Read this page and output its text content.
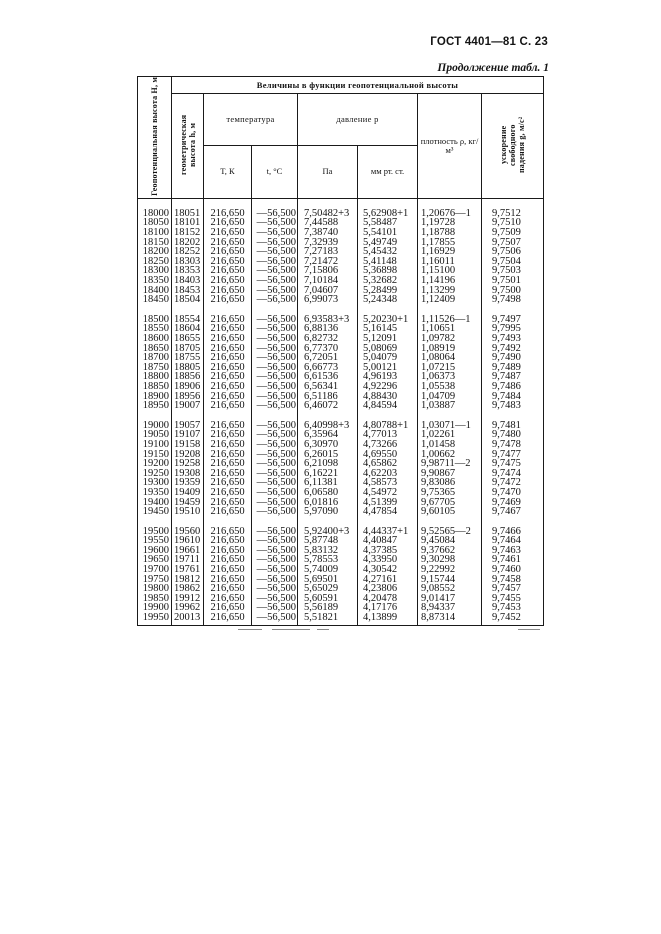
ГОСТ 4401—81 С. 23
Продолжение табл. 1
Геопотенциальная высота H, м	Величины в функции геопотенциальной высоты						
	геометрическая высота h, м	температура		давление p		плотность ρ, кг/м³	ускорение свободного падения g, м/с²
		T, К	t, °С	Па	мм рт. ст.		
18000	18051	216,650	—56,500	7,50482+3	5,62908+1	1,20676—1	9,7512
18050	18101	216,650	—56,500	7,44588	5,58487	1,19728	9,7510
18100	18152	216,650	—56,500	7,38740	5,54101	1,18788	9,7509
18150	18202	216,650	—56,500	7,32939	5,49749	1,17855	9,7507
18200	18252	216,650	—56,500	7,27183	5,45432	1,16929	9,7506
18250	18303	216,650	—56,500	7,21472	5,41148	1,16011	9,7504
18300	18353	216,650	—56,500	7,15806	5,36898	1,15100	9,7503
18350	18403	216,650	—56,500	7,10184	5,32682	1,14196	9,7501
18400	18453	216,650	—56,500	7,04607	5,28499	1,13299	9,7500
18450	18504	216,650	—56,500	6,99073	5,24348	1,12409	9,7498

18500	18554	216,650	—56,500	6,93583+3	5,20230+1	1,11526—1	9,7497
18550	18604	216,650	—56,500	6,88136	5,16145	1,10651	9,7995
18600	18655	216,650	—56,500	6,82732	5,12091	1,09782	9,7493
18650	18705	216,650	—56,500	6,77370	5,08069	1,08919	9,7492
18700	18755	216,650	—56,500	6,72051	5,04079	1,08064	9,7490
18750	18805	216,650	—56,500	6,66773	5,00121	1,07215	9,7489
18800	18856	216,650	—56,500	6,61536	4,96193	1,06373	9,7487
18850	18906	216,650	—56,500	6,56341	4,92296	1,05538	9,7486
18900	18956	216,650	—56,500	6,51186	4,88430	1,04709	9,7484
18950	19007	216,650	—56,500	6,46072	4,84594	1,03887	9,7483

19000	19057	216,650	—56,500	6,40998+3	4,80788+1	1,03071—1	9,7481
19050	19107	216,650	—56,500	6,35964	4,77013	1,02261	9,7480
19100	19158	216,650	—56,500	6,30970	4,73266	1,01458	9,7478
19150	19208	216,650	—56,500	6,26015	4,69550	1,00662	9,7477
19200	19258	216,650	—56,500	6,21098	4,65862	9,98711—2	9,7475
19250	19308	216,650	—56,500	6,16221	4,62203	9,90867	9,7474
19300	19359	216,650	—56,500	6,11381	4,58573	9,83086	9,7472
19350	19409	216,650	—56,500	6,06580	4,54972	9,75365	9,7470
19400	19459	216,650	—56,500	6,01816	4,51399	9,67705	9,7469
19450	19510	216,650	—56,500	5,97090	4,47854	9,60105	9,7467

19500	19560	216,650	—56,500	5,92400+3	4,44337+1	9,52565—2	9,7466
19550	19610	216,650	—56,500	5,87748	4,40847	9,45084	9,7464
19600	19661	216,650	—56,500	5,83132	4,37385	9,37662	9,7463
19650	19711	216,650	—56,500	5,78553	4,33950	9,30298	9,7461
19700	19761	216,650	—56,500	5,74009	4,30542	9,22992	9,7460
19750	19812	216,650	—56,500	5,69501	4,27161	9,15744	9,7458
19800	19862	216,650	—56,500	5,65029	4,23806	9,08552	9,7457
19850	19912	216,650	—56,500	5,60591	4,20478	9,01417	9,7455
19900	19962	216,650	—56,500	5,56189	4,17176	8,94337	9,7453
19950	20013	216,650	—56,500	5,51821	4,13899	8,87314	9,7452
